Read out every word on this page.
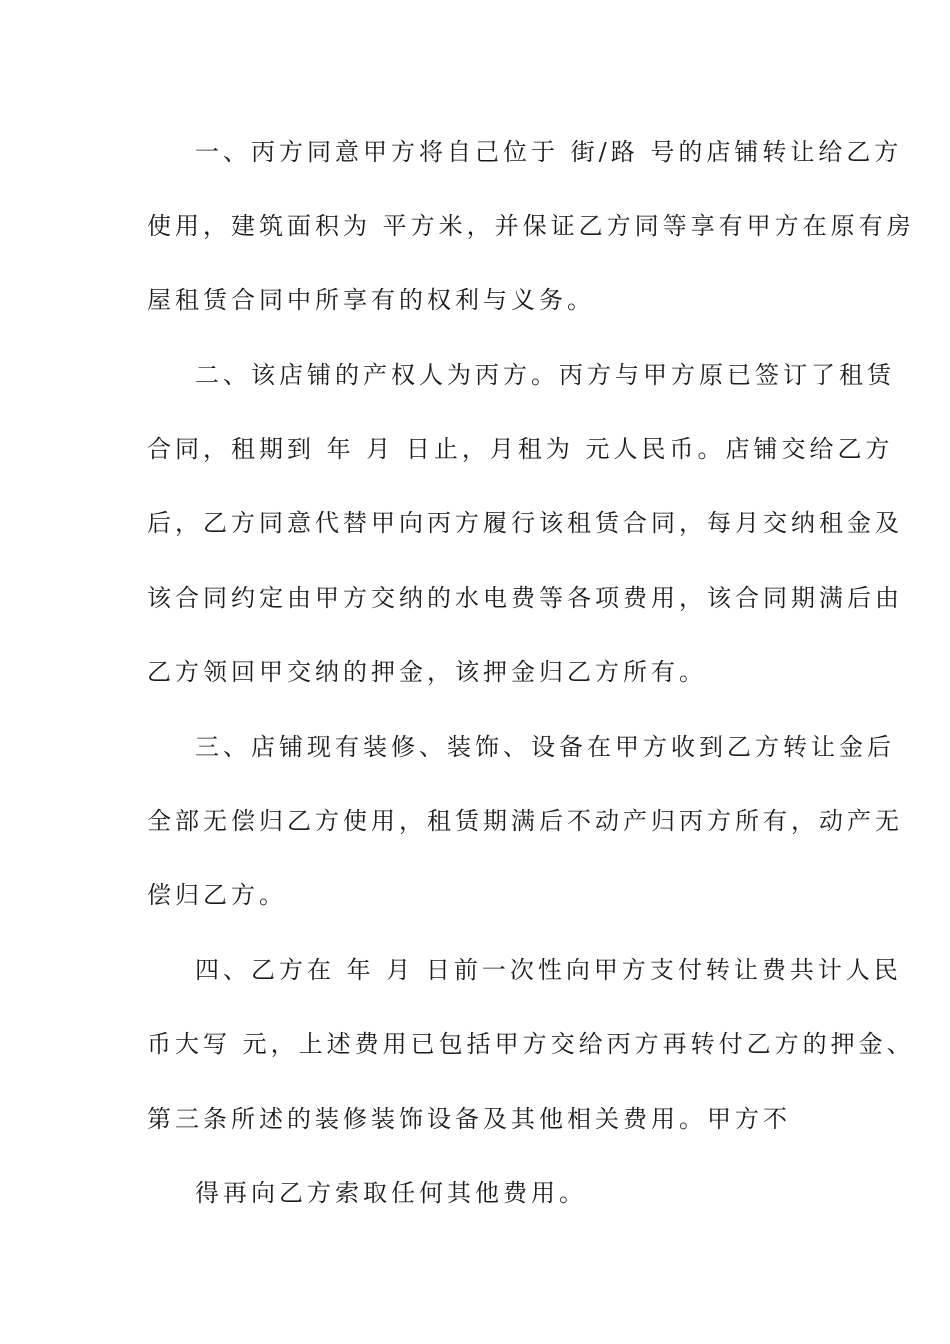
一、丙方同意甲方将自己位于 街/路 号的店铺转让给乙方
使用，建筑面积为 平方米，并保证乙方同等享有甲方在原有房
屋租赁合同中所享有的权利与义务。
二、该店铺的产权人为丙方。丙方与甲方原已签订了租赁
合同，租期到 年 月 日止，月租为 元人民币。店铺交给乙方
后，乙方同意代替甲向丙方履行该租赁合同，每月交纳租金及
该合同约定由甲方交纳的水电费等各项费用，该合同期满后由
乙方领回甲交纳的押金，该押金归乙方所有。
三、店铺现有装修、装饰、设备在甲方收到乙方转让金后
全部无偿归乙方使用，租赁期满后不动产归丙方所有，动产无
偿归乙方。
四、乙方在 年 月 日前一次性向甲方支付转让费共计人民
币大写 元，上述费用已包括甲方交给丙方再转付乙方的押金、
第三条所述的装修装饰设备及其他相关费用。甲方不
得再向乙方索取任何其他费用。
